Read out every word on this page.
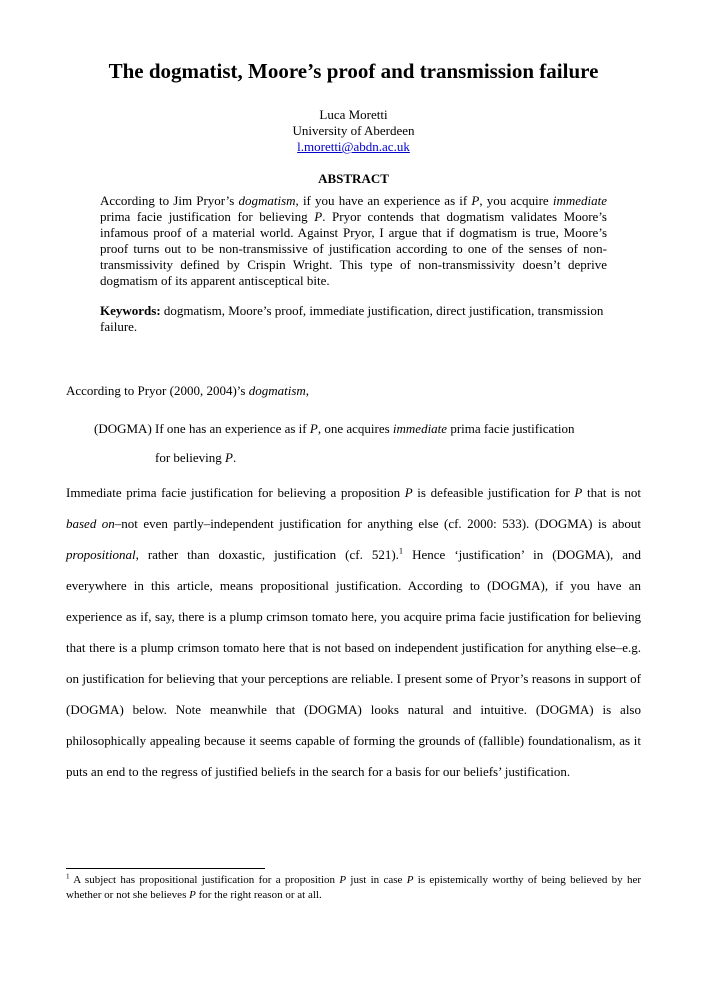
The dogmatist, Moore’s proof and transmission failure
Luca Moretti
University of Aberdeen
l.moretti@abdn.ac.uk
ABSTRACT
According to Jim Pryor’s dogmatism, if you have an experience as if P, you acquire immediate prima facie justification for believing P. Pryor contends that dogmatism validates Moore’s infamous proof of a material world. Against Pryor, I argue that if dogmatism is true, Moore’s proof turns out to be non-transmissive of justification according to one of the senses of non-transmissivity defined by Crispin Wright. This type of non-transmissivity doesn’t deprive dogmatism of its apparent antisceptical bite.
Keywords: dogmatism, Moore’s proof, immediate justification, direct justification, transmission failure.
According to Pryor (2000, 2004)’s dogmatism,
(DOGMA) If one has an experience as if P, one acquires immediate prima facie justification
for believing P.
Immediate prima facie justification for believing a proposition P is defeasible justification for P that is not based on–not even partly–independent justification for anything else (cf. 2000: 533). (DOGMA) is about propositional, rather than doxastic, justification (cf. 521).$^1$ Hence ‘justification’ in (DOGMA), and everywhere in this article, means propositional justification. According to (DOGMA), if you have an experience as if, say, there is a plump crimson tomato here, you acquire prima facie justification for believing that there is a plump crimson tomato here that is not based on independent justification for anything else–e.g. on justification for believing that your perceptions are reliable. I present some of Pryor’s reasons in support of (DOGMA) below. Note meanwhile that (DOGMA) looks natural and intuitive. (DOGMA) is also philosophically appealing because it seems capable of forming the grounds of (fallible) foundationalism, as it puts an end to the regress of justified beliefs in the search for a basis for our beliefs’ justification.
$^1$ A subject has propositional justification for a proposition P just in case P is epistemically worthy of being believed by her whether or not she believes P for the right reason or at all.
